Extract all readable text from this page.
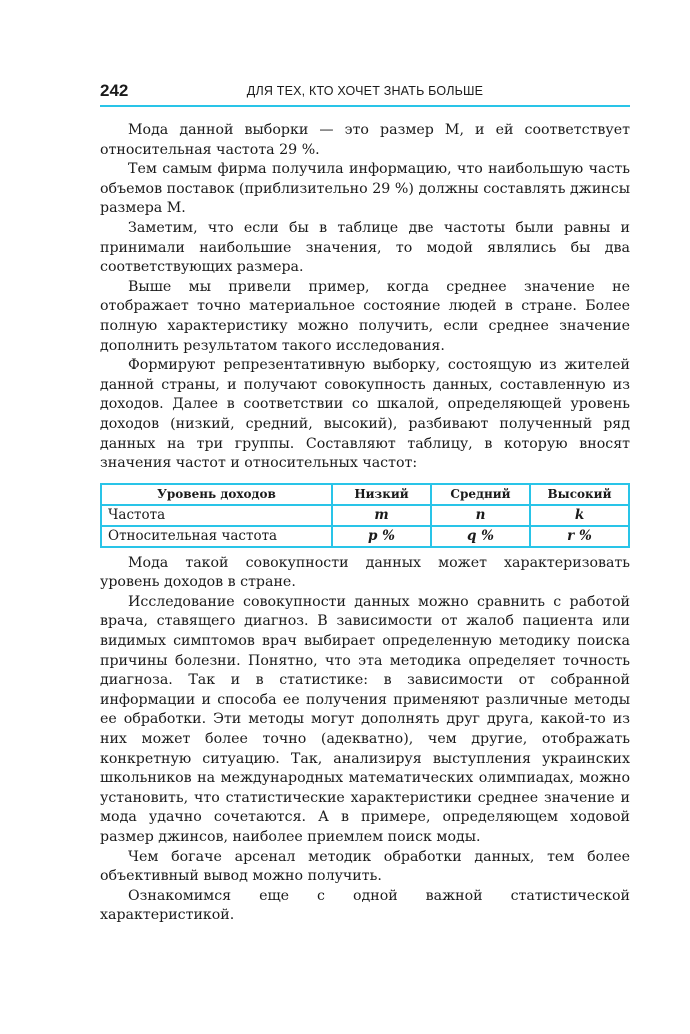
242	ДЛЯ ТЕХ, КТО ХОЧЕТ ЗНАТЬ БОЛЬШЕ

Мода данной выборки — это размер М, и ей соответствует относительная частота 29 %.

Тем самым фирма получила информацию, что наибольшую часть объемов поставок (приблизительно 29 %) должны составлять джинсы размера М.

Заметим, что если бы в таблице две частоты были равны и принимали наибольшие значения, то модой являлись бы два соответствующих размера.

Выше мы привели пример, когда среднее значение не отображает точно материальное состояние людей в стране. Более полную характеристику можно получить, если среднее значение дополнить результатом такого исследования.

Формируют репрезентативную выборку, состоящую из жителей данной страны, и получают совокупность данных, составленную из доходов. Далее в соответствии со шкалой, определяющей уровень доходов (низкий, средний, высокий), разбивают полученный ряд данных на три группы. Составляют таблицу, в которую вносят значения частот и относительных частот:

Уровень доходов	Низкий	Средний	Высокий
Частота	m	n	k
Относительная частота	p %	q %	r %

Мода такой совокупности данных может характеризовать уровень доходов в стране.

Исследование совокупности данных можно сравнить с работой врача, ставящего диагноз. В зависимости от жалоб пациента или видимых симптомов врач выбирает определенную методику поиска причины болезни. Понятно, что эта методика определяет точность диагноза. Так и в статистике: в зависимости от собранной информации и способа ее получения применяют различные методы ее обработки. Эти методы могут дополнять друг друга, какой-то из них может более точно (адекватно), чем другие, отображать конкретную ситуацию. Так, анализируя выступления украинских школьников на международных математических олимпиадах, можно установить, что статистические характеристики среднее значение и мода удачно сочетаются. А в примере, определяющем ходовой размер джинсов, наиболее приемлем поиск моды.

Чем богаче арсенал методик обработки данных, тем более объективный вывод можно получить.

Ознакомимся еще с одной важной статистической характеристикой.
